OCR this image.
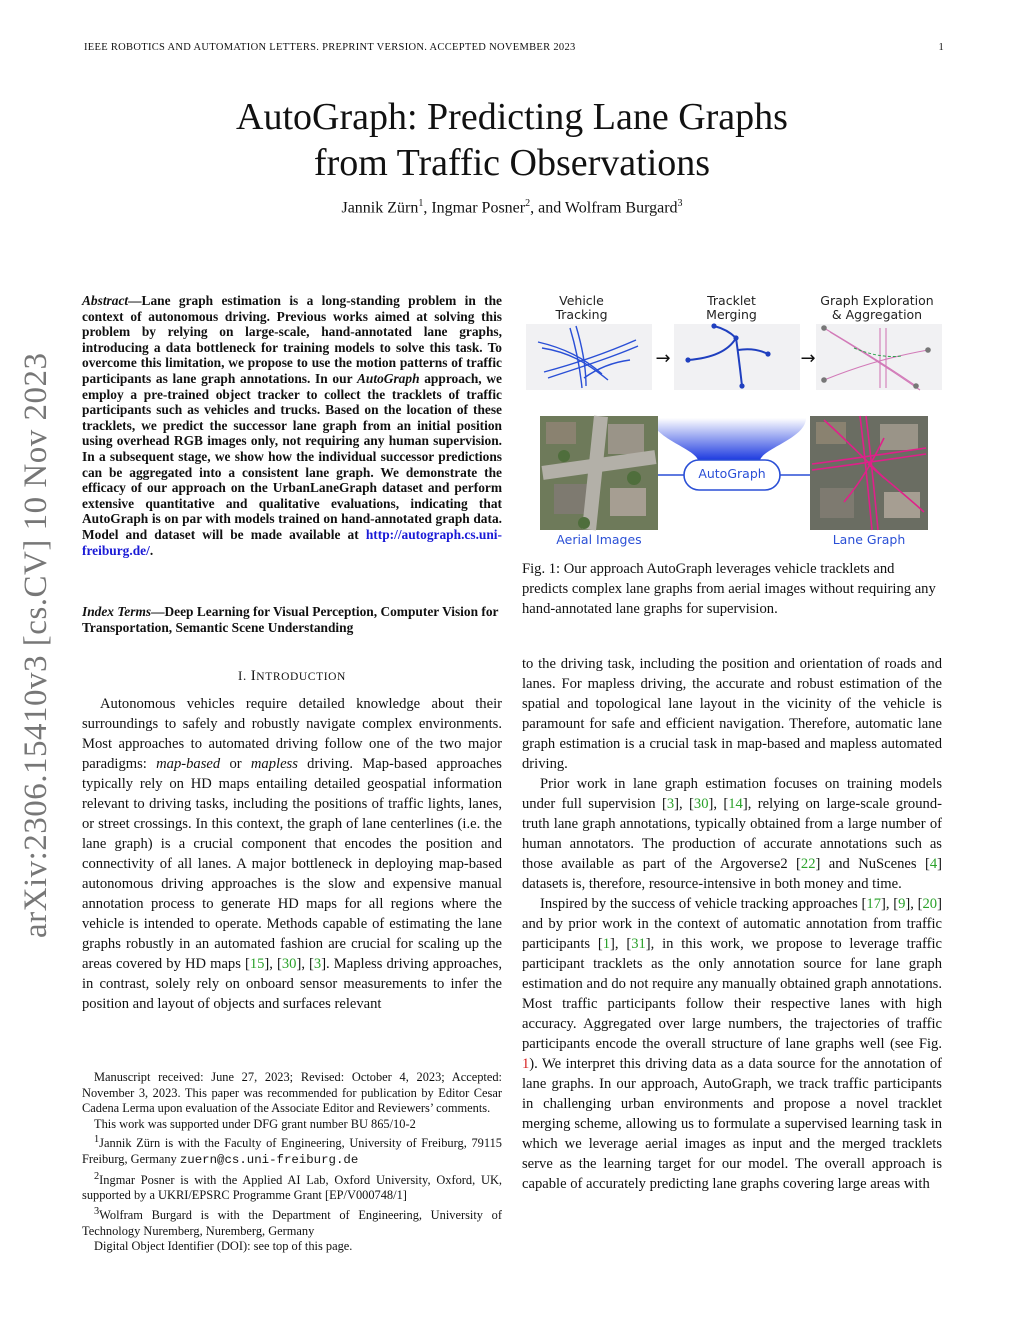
IEEE ROBOTICS AND AUTOMATION LETTERS. PREPRINT VERSION. ACCEPTED NOVEMBER 2023	1
AutoGraph: Predicting Lane Graphs
from Traffic Observations
Jannik Zürn$^1$, Ingmar Posner$^2$, and Wolfram Burgard$^3$
arXiv:2306.15410v3 [cs.CV] 10 Nov 2023
Abstract—Lane graph estimation is a long-standing problem in the context of autonomous driving. Previous works aimed at solving this problem by relying on large-scale, hand-annotated lane graphs, introducing a data bottleneck for training models to solve this task. To overcome this limitation, we propose to use the motion patterns of traffic participants as lane graph annotations. In our AutoGraph approach, we employ a pre-trained object tracker to collect the tracklets of traffic participants such as vehicles and trucks. Based on the location of these tracklets, we predict the successor lane graph from an initial position using overhead RGB images only, not requiring any human supervision. In a subsequent stage, we show how the individual successor predictions can be aggregated into a consistent lane graph. We demonstrate the efficacy of our approach on the UrbanLaneGraph dataset and perform extensive quantitative and qualitative evaluations, indicating that AutoGraph is on par with models trained on hand-annotated graph data. Model and dataset will be made available at http://autograph.cs.uni-freiburg.de/.
Index Terms—Deep Learning for Visual Perception, Computer Vision for Transportation, Semantic Scene Understanding
I. INTRODUCTION

Autonomous vehicles require detailed knowledge about their surroundings to safely and robustly navigate complex environments. Most approaches to automated driving follow one of the two major paradigms: map-based or mapless driving. Map-based approaches typically rely on HD maps entailing detailed geospatial information relevant to driving tasks, including the positions of traffic lights, lanes, or street crossings. In this context, the graph of lane centerlines (i.e. the lane graph) is a crucial component that encodes the position and connectivity of all lanes. A major bottleneck in deploying map-based autonomous driving approaches is the slow and expensive manual annotation process to generate HD maps for all regions where the vehicle is intended to operate. Methods capable of estimating the lane graphs robustly in an automated fashion are crucial for scaling up the areas covered by HD maps [15], [30], [3]. Mapless driving approaches, in contrast, solely rely on onboard sensor measurements to infer the position and layout of objects and surfaces relevant

Manuscript received: June 27, 2023; Revised: October 4, 2023; Accepted: November 3, 2023. This paper was recommended for publication by Editor Cesar Cadena Lerma upon evaluation of the Associate Editor and Reviewers’ comments.

This work was supported under DFG grant number BU 865/10-2

$^1$Jannik Zürn is with the Faculty of Engineering, University of Freiburg, 79115 Freiburg, Germany zuern@cs.uni-freiburg.de

$^2$Ingmar Posner is with the Applied AI Lab, Oxford University, Oxford, UK, supported by a UKRI/EPSRC Programme Grant [EP/V000748/1]

$^3$Wolfram Burgard is with the Department of Engineering, University of Technology Nuremberg, Nuremberg, Germany

Digital Object Identifier (DOI): see top of this page.

Vehicle
Tracking
Tracklet
Merging
Graph Exploration
& Aggregation
→	→
AutoGraph
Aerial Images	Lane Graph
Fig. 1: Our approach AutoGraph leverages vehicle tracklets and predicts complex lane graphs from aerial images without requiring any hand-annotated lane graphs for supervision.

to the driving task, including the position and orientation of roads and lanes. For mapless driving, the accurate and robust estimation of the spatial and topological lane layout in the vicinity of the vehicle is paramount for safe and efficient navigation. Therefore, automatic lane graph estimation is a crucial task in map-based and mapless automated driving.

Prior work in lane graph estimation focuses on training models under full supervision [3], [30], [14], relying on large-scale ground-truth lane graph annotations, typically obtained from a large number of human annotators. The production of accurate annotations such as those available as part of the Argoverse2 [22] and NuScenes [4] datasets is, therefore, resource-intensive in both money and time.

Inspired by the success of vehicle tracking approaches [17], [9], [20] and by prior work in the context of automatic annotation from traffic participants [1], [31], in this work, we propose to leverage traffic participant tracklets as the only annotation source for lane graph estimation and do not require any manually obtained graph annotations. Most traffic participants follow their respective lanes with high accuracy. Aggregated over large numbers, the trajectories of traffic participants encode the overall structure of lane graphs well (see Fig. 1). We interpret this driving data as a data source for the annotation of lane graphs. In our approach, AutoGraph, we track traffic participants in challenging urban environments and propose a novel tracklet merging scheme, allowing us to formulate a supervised learning task in which we leverage aerial images as input and the merged tracklets serve as the learning target for our model. The overall approach is capable of accurately predicting lane graphs covering large areas with
